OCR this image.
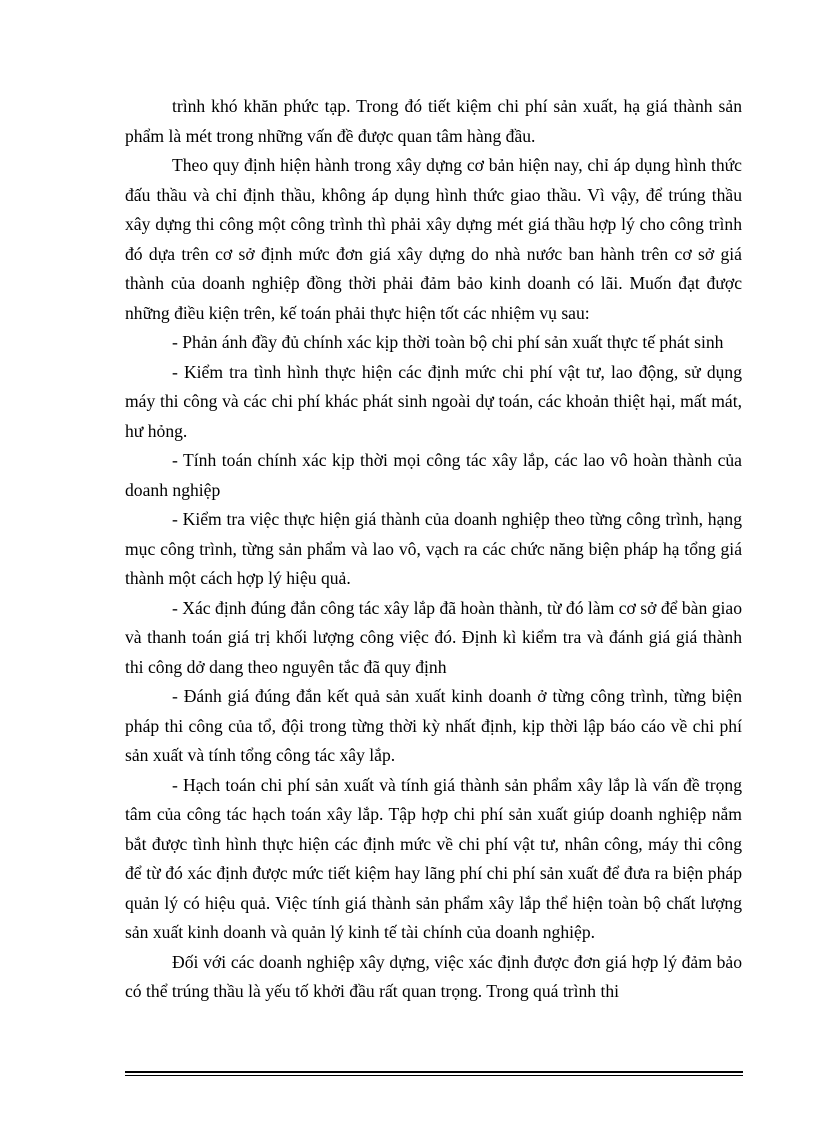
trình khó khăn phức tạp. Trong đó tiết kiệm chi phí sản xuất, hạ giá thành sản phẩm là mét trong những vấn đề được quan tâm hàng đầu.

Theo quy định hiện hành trong xây dựng cơ bản hiện nay, chỉ áp dụng hình thức đấu thầu và chỉ định thầu, không áp dụng hình thức giao thầu. Vì vậy, để trúng thầu xây dựng thi công một công trình thì phải xây dựng mét giá thầu hợp lý cho công trình đó dựa trên cơ sở định mức đơn giá xây dựng do nhà nước ban hành trên cơ sở giá thành của doanh nghiệp đồng thời phải đảm bảo kinh doanh có lãi. Muốn đạt được những điều kiện trên, kế toán phải thực hiện tốt các nhiệm vụ sau:

- Phản ánh đầy đủ chính xác kịp thời toàn bộ chi phí sản xuất thực tế phát sinh

- Kiểm tra tình hình thực hiện các định mức chi phí vật tư, lao động, sử dụng máy thi công và các chi phí khác phát sinh ngoài dự toán, các khoản thiệt hại, mất mát, hư hỏng.

- Tính toán chính xác kịp thời mọi công tác xây lắp, các lao vô hoàn thành của doanh nghiệp

- Kiểm tra việc thực hiện giá thành của doanh nghiệp theo từng công trình, hạng mục công trình, từng sản phẩm và lao vô, vạch ra các chức năng biện pháp hạ tổng giá thành một cách hợp lý hiệu quả.

- Xác định đúng đắn công tác xây lắp đã hoàn thành, từ đó làm cơ sở để bàn giao và thanh toán giá trị khối lượng công việc đó. Định kì kiểm tra và đánh giá giá thành thi công dở dang theo nguyên tắc đã quy định

- Đánh giá đúng đắn kết quả sản xuất kinh doanh ở từng công trình, từng biện pháp thi công của tổ, đội trong từng thời kỳ nhất định, kịp thời lập báo cáo về chi phí sản xuất và tính tổng công tác xây lắp.

- Hạch toán chi phí sản xuất và tính giá thành sản phẩm xây lắp là vấn đề trọng tâm của công tác hạch toán xây lắp. Tập hợp chi phí sản xuất giúp doanh nghiệp nắm bắt được tình hình thực hiện các định mức về chi phí vật tư, nhân công, máy thi công để từ đó xác định được mức tiết kiệm hay lãng phí chi phí sản xuất để đưa ra biện pháp quản lý có hiệu quả. Việc tính giá thành sản phẩm xây lắp thể hiện toàn bộ chất lượng sản xuất kinh doanh và quản lý kinh tế tài chính của doanh nghiệp.

Đối với các doanh nghiệp xây dựng, việc xác định được đơn giá hợp lý đảm bảo có thể trúng thầu là yếu tố khởi đầu rất quan trọng. Trong quá trình thi
